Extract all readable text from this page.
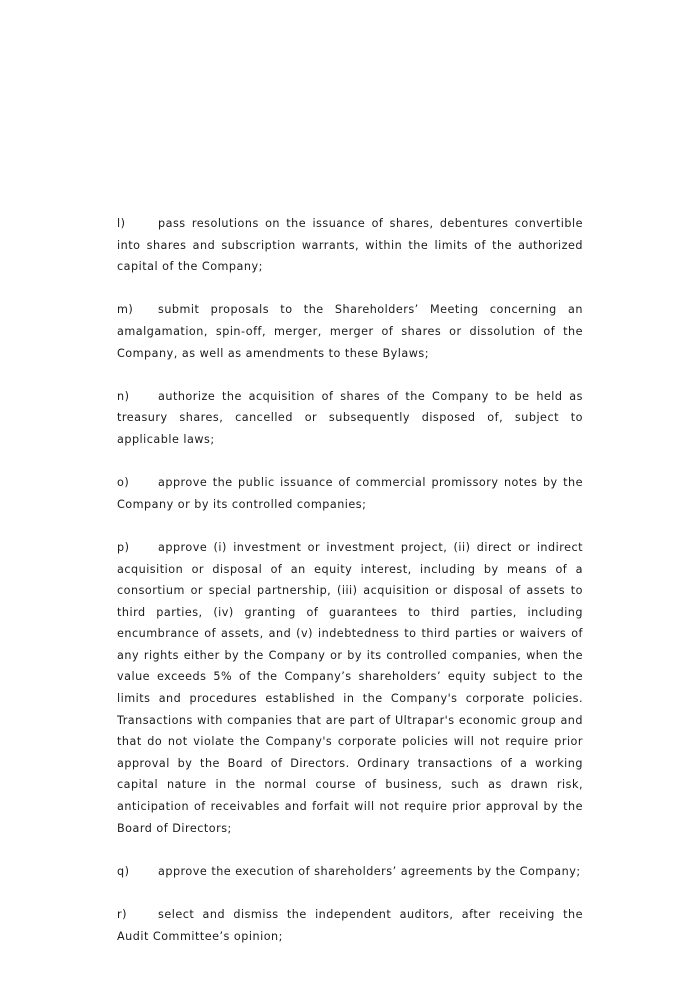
l)	pass resolutions on the issuance of shares, debentures convertible into shares and subscription warrants, within the limits of the authorized capital of the Company;

m) submit proposals to the Shareholders’ Meeting concerning an amalgamation, spin-off, merger, merger of shares or dissolution of the Company, as well as amendments to these Bylaws;

n)	authorize the acquisition of shares of the Company to be held as treasury shares, cancelled or subsequently disposed of, subject to applicable laws;

o)	approve the public issuance of commercial promissory notes by the Company or by its controlled companies;

p)	approve (i) investment or investment project, (ii) direct or indirect acquisition or disposal of an equity interest, including by means of a consortium or special partnership, (iii) acquisition or disposal of assets to third parties, (iv) granting of guarantees to third parties, including encumbrance of assets, and (v) indebtedness to third parties or waivers of any rights either by the Company or by its controlled companies, when the value exceeds 5% of the Company’s shareholders’ equity subject to the limits and procedures established in the Company's corporate policies. Transactions with companies that are part of Ultrapar's economic group and that do not violate the Company's corporate policies will not require prior approval by the Board of Directors. Ordinary transactions of a working capital nature in the normal course of business, such as drawn risk, anticipation of receivables and forfait will not require prior approval by the Board of Directors;

q)	approve the execution of shareholders’ agreements by the Company;

r)	select and dismiss the independent auditors, after receiving the Audit Committee’s opinion;
